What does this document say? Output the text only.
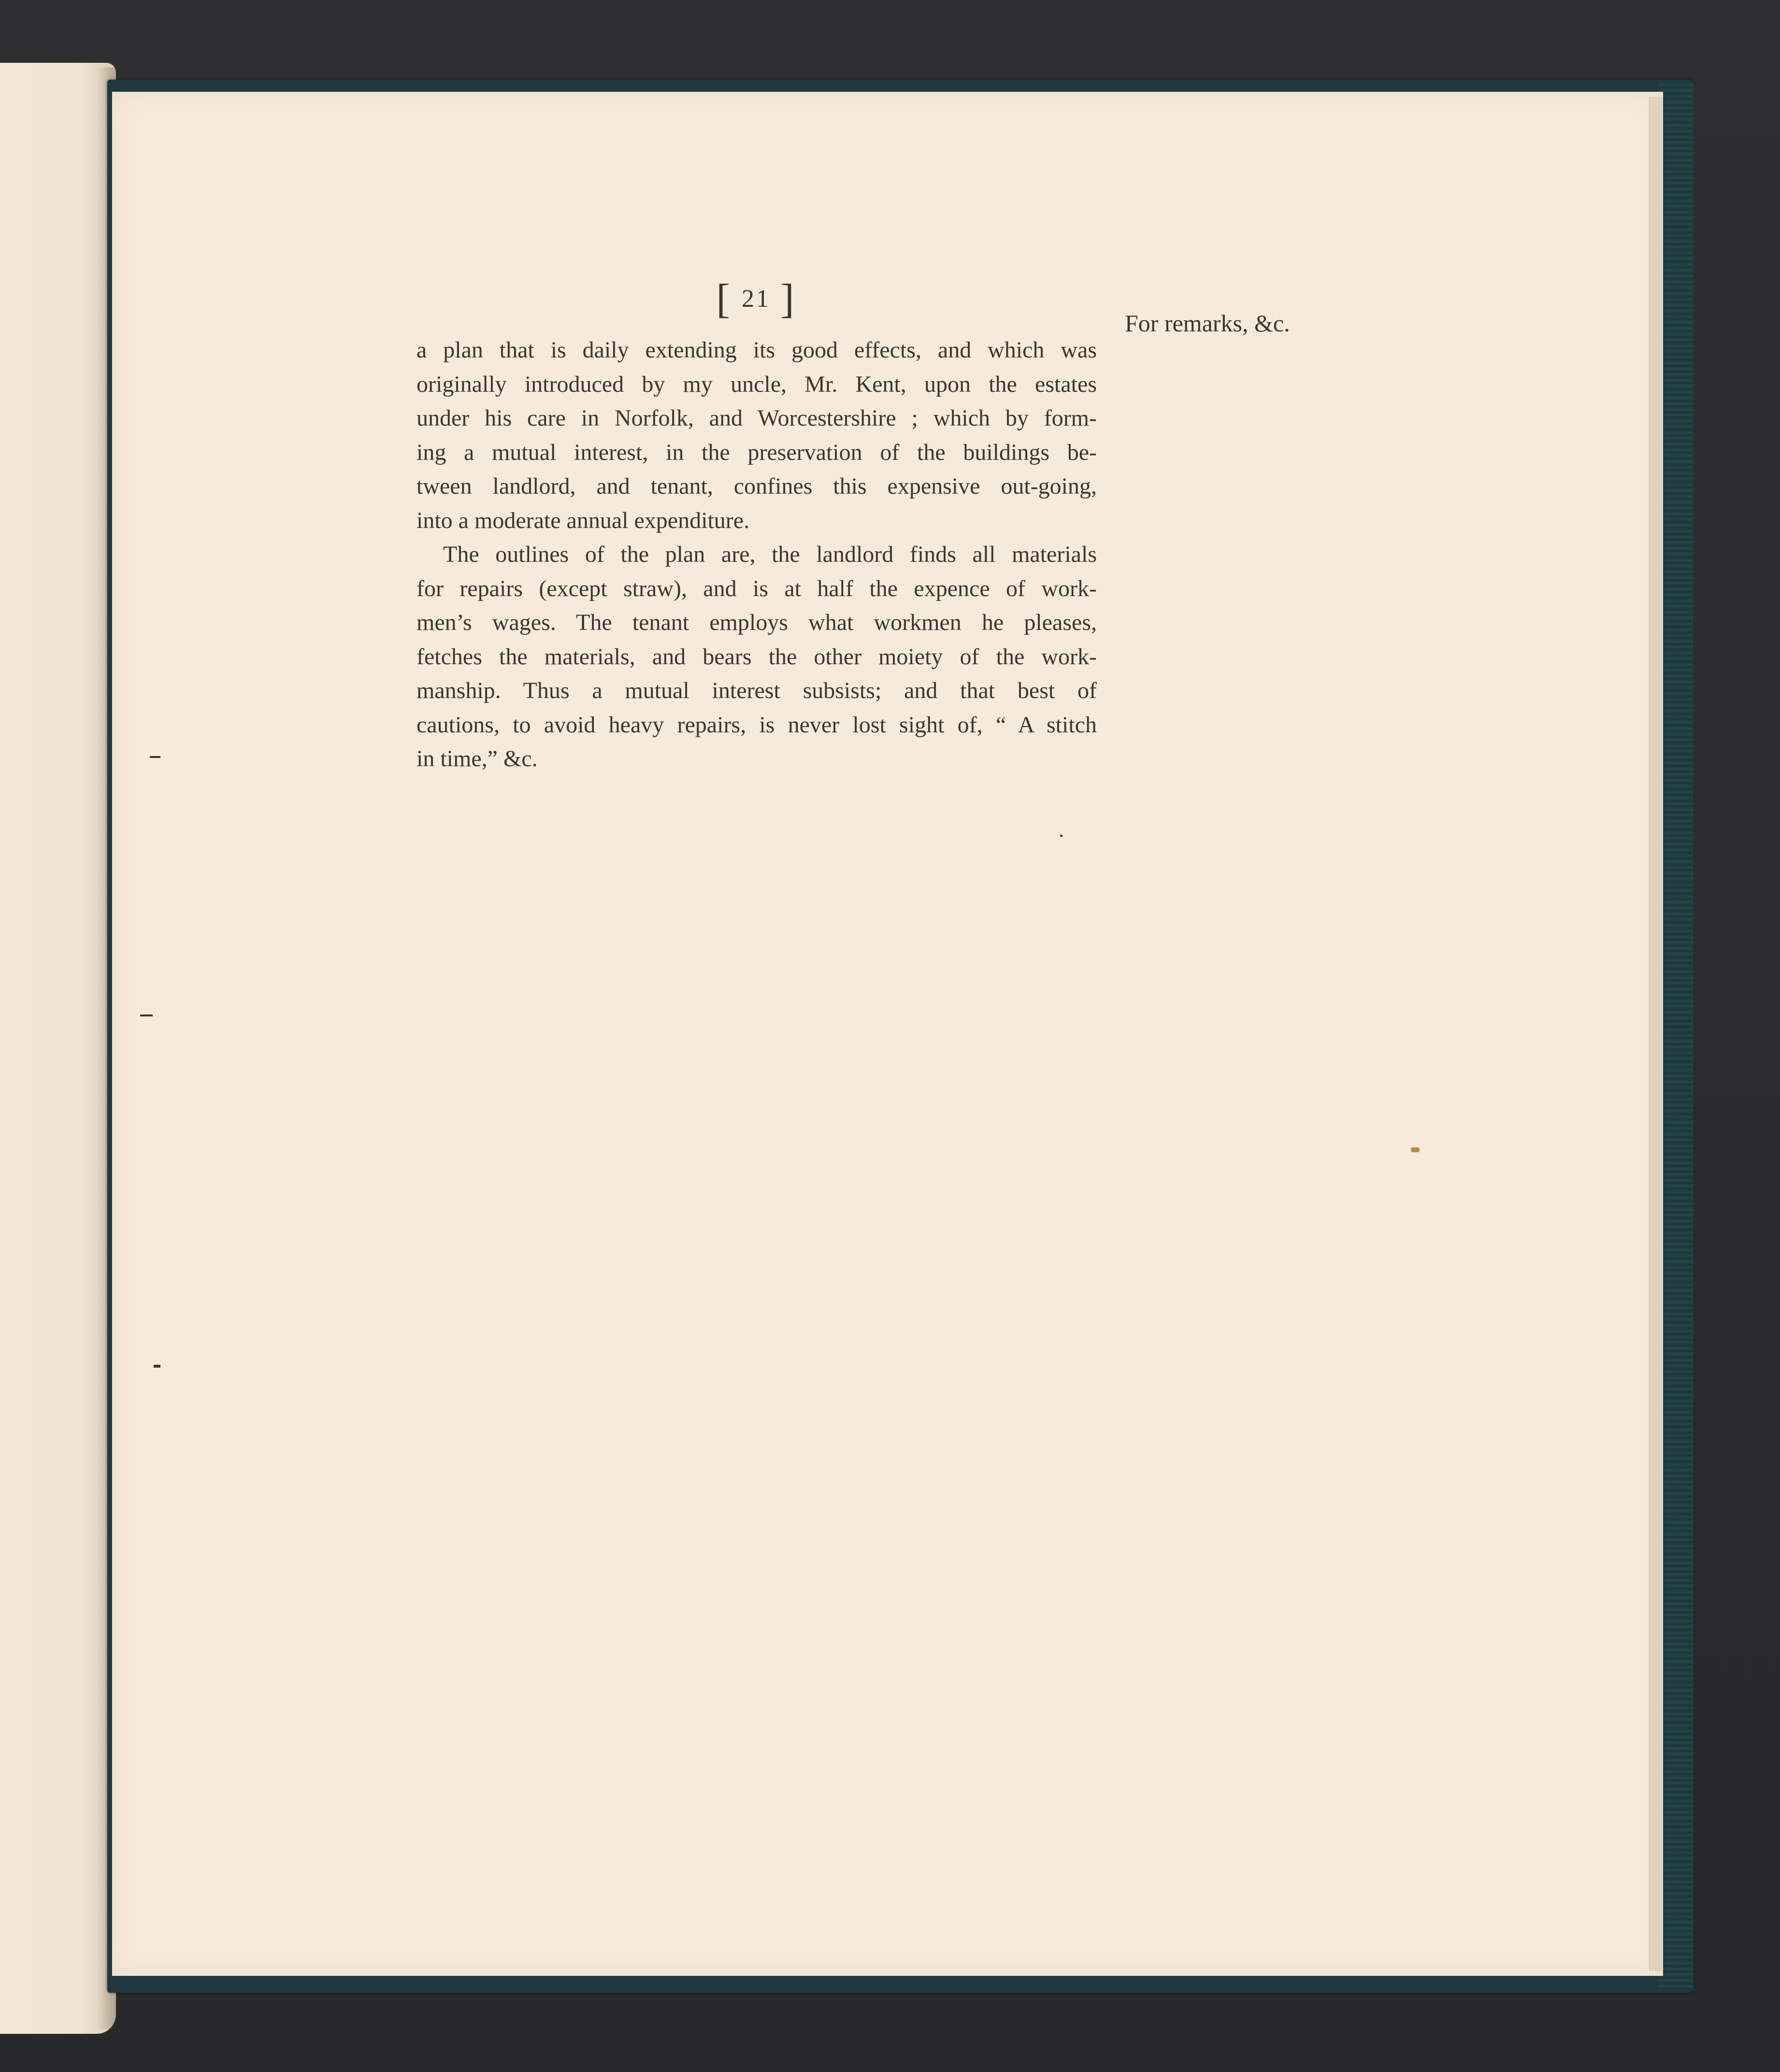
[ 21 ]
For remarks, &c.

a plan that is daily extending its good effects, and which was
originally introduced by my uncle, Mr. Kent, upon the estates
under his care in Norfolk, and Worcestershire ; which by form-
ing a mutual interest, in the preservation of the buildings be-
tween landlord, and tenant, confines this expensive out-going,
into a moderate annual expenditure.

The outlines of the plan are, the landlord finds all materials
for repairs (except straw), and is at half the expence of work-
men’s wages. The tenant employs what workmen he pleases,
fetches the materials, and bears the other moiety of the work-
manship. Thus a mutual interest subsists; and that best of
cautions, to avoid heavy repairs, is never lost sight of, “ A stitch
in time,” &c.
